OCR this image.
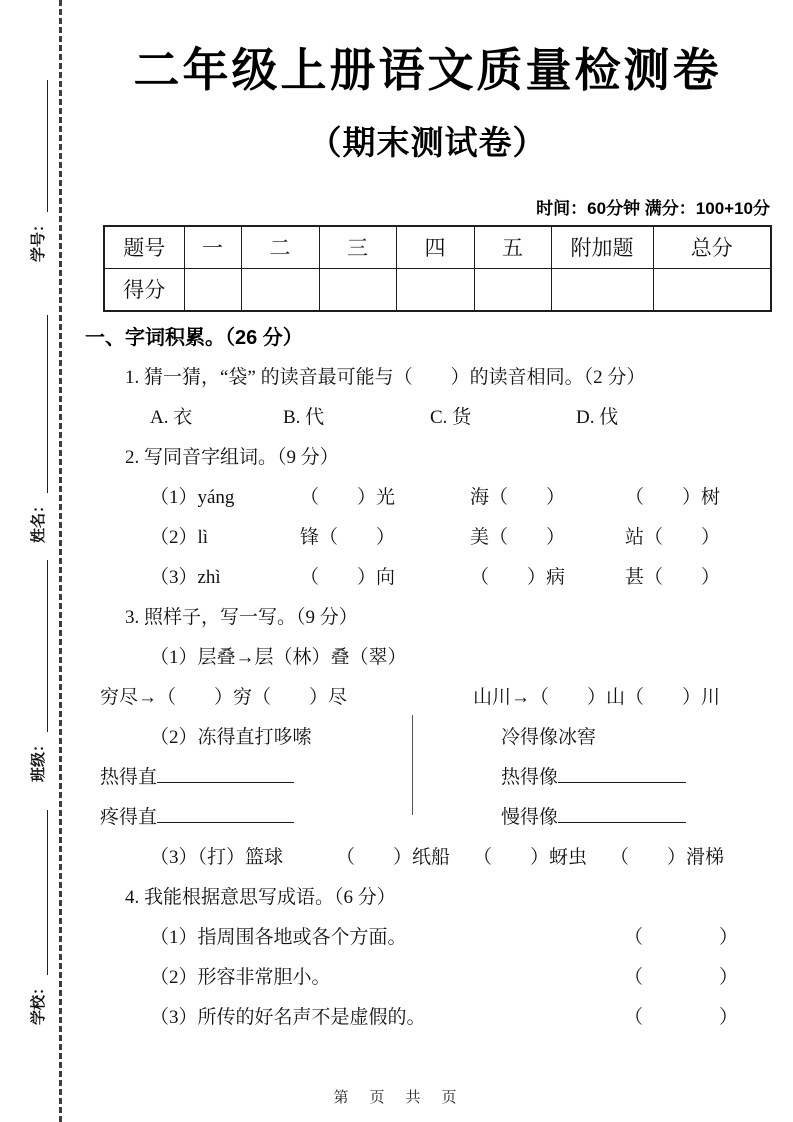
学号：
姓名：
班级：
学校：
二年级上册语文质量检测卷
（期末测试卷）
时间：60分钟 满分：100+10分
题号	一	二	三	四	五	附加题	总分
得分							
一、字词积累。（26 分）
1. 猜一猜，“袋” 的读音最可能与（　　）的读音相同。（2 分）
A. 衣	B. 代	C. 货	D. 伐
2. 写同音字组词。（9 分）
（1）yáng	（　　）光	海（　　）	（　　）树
（2）lì	锋（　　）	美（　　）	站（　　）
（3）zhì	（　　）向	（　　）病	甚（　　）
3. 照样子，写一写。（9 分）
（1）层叠→层（林）叠（翠）
穷尽→（　　）穷（　　）尽	山川→（　　）山（　　）川
（2）冻得直打哆嗦	冷得像冰窖
热得直	热得像
疼得直	慢得像
（3）（打）篮球	（　　）纸船	（　　）蚜虫	（　　）滑梯
4. 我能根据意思写成语。（6 分）
（1）指周围各地或各个方面。	（　　　　）
（2）形容非常胆小。	（　　　　）
（3）所传的好名声不是虚假的。	（　　　　）
第　页　共　页
